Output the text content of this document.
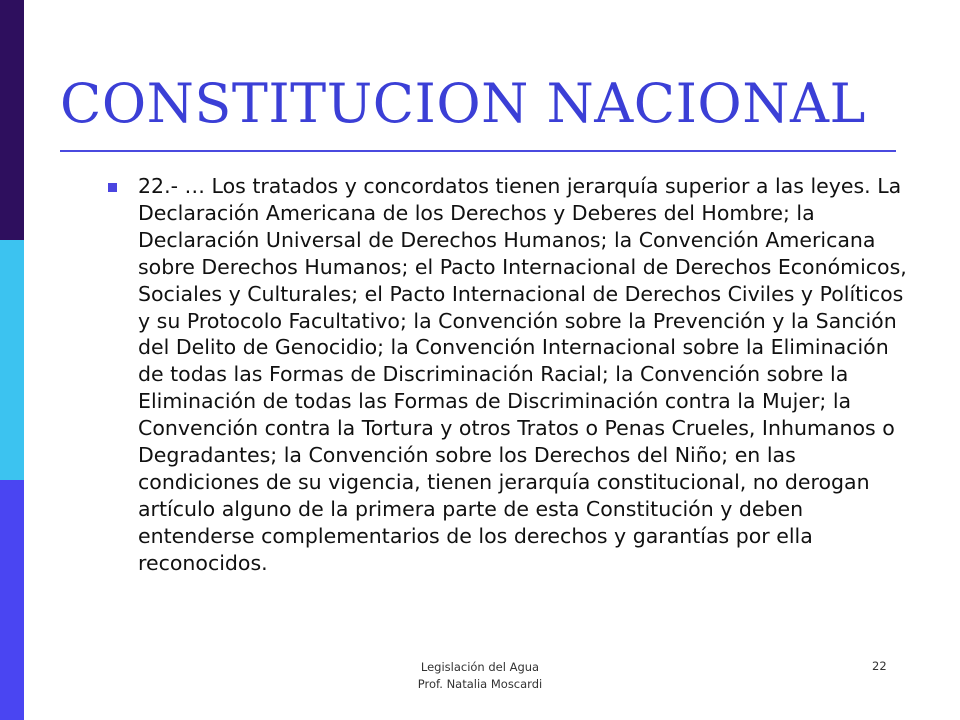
CONSTITUCION NACIONAL
22.- … Los tratados y concordatos tienen jerarquía superior a las leyes. La Declaración Americana de los Derechos y Deberes del Hombre; la Declaración Universal de Derechos Humanos; la Convención Americana sobre Derechos Humanos; el Pacto Internacional de Derechos Económicos, Sociales y Culturales; el Pacto Internacional de Derechos Civiles y Políticos y su Protocolo Facultativo; la Convención sobre la Prevención y la Sanción del Delito de Genocidio; la Convención Internacional sobre la Eliminación de todas las Formas de Discriminación Racial; la Convención sobre la Eliminación de todas las Formas de Discriminación contra la Mujer; la Convención contra la Tortura y otros Tratos o Penas Crueles, Inhumanos o Degradantes; la Convención sobre los Derechos del Niño; en las condiciones de su vigencia, tienen jerarquía constitucional, no derogan artículo alguno de la primera parte de esta Constitución y deben entenderse complementarios de los derechos y garantías por ella reconocidos.
Legislación del Agua
Prof. Natalia Moscardi
22
